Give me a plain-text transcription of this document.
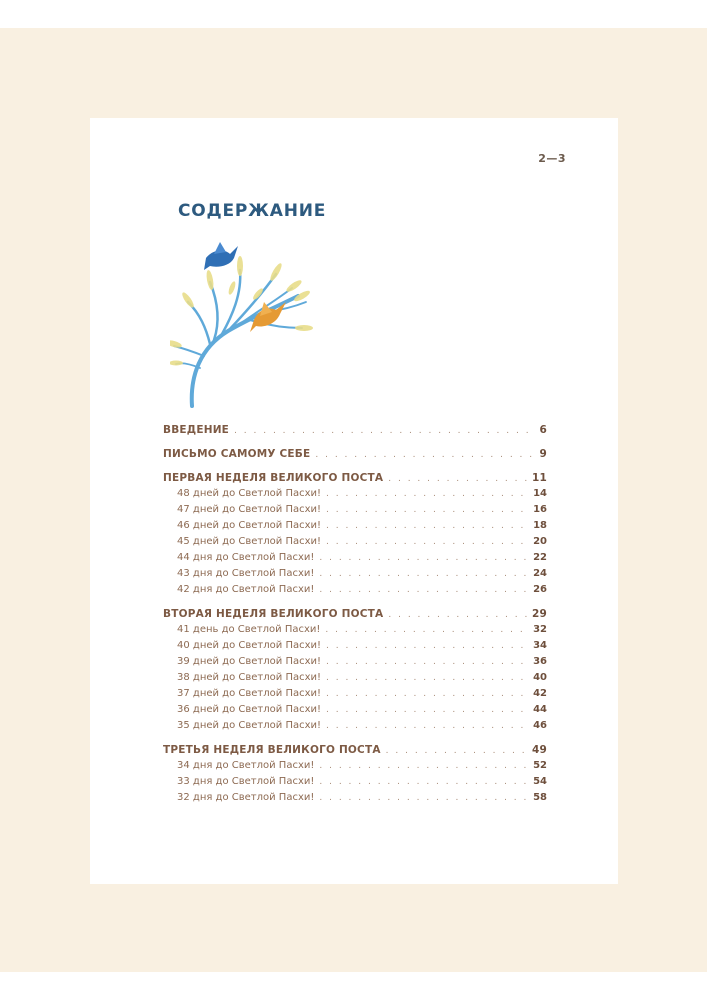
2—3
СОДЕРЖАНИЕ
ВВЕДЕНИЕ . . .	6
ПИСЬМО САМОМУ СЕБЕ . . .	9
ПЕРВАЯ НЕДЕЛЯ ВЕЛИКОГО ПОСТА . . .	11
48 дней до Светлой Пасхи! . . .	14
47 дней до Светлой Пасхи! . . .	16
46 дней до Светлой Пасхи! . . .	18
45 дней до Светлой Пасхи! . . .	20
44 дня до Светлой Пасхи! . . .	22
43 дня до Светлой Пасхи! . . .	24
42 дня до Светлой Пасхи! . . .	26
ВТОРАЯ НЕДЕЛЯ ВЕЛИКОГО ПОСТА . . .	29
41 день до Светлой Пасхи! . . .	32
40 дней до Светлой Пасхи! . . .	34
39 дней до Светлой Пасхи! . . .	36
38 дней до Светлой Пасхи! . . .	40
37 дней до Светлой Пасхи! . . .	42
36 дней до Светлой Пасхи! . . .	44
35 дней до Светлой Пасхи! . . .	46
ТРЕТЬЯ НЕДЕЛЯ ВЕЛИКОГО ПОСТА . . .	49
34 дня до Светлой Пасхи! . . .	52
33 дня до Светлой Пасхи! . . .	54
32 дня до Светлой Пасхи! . . .	58
